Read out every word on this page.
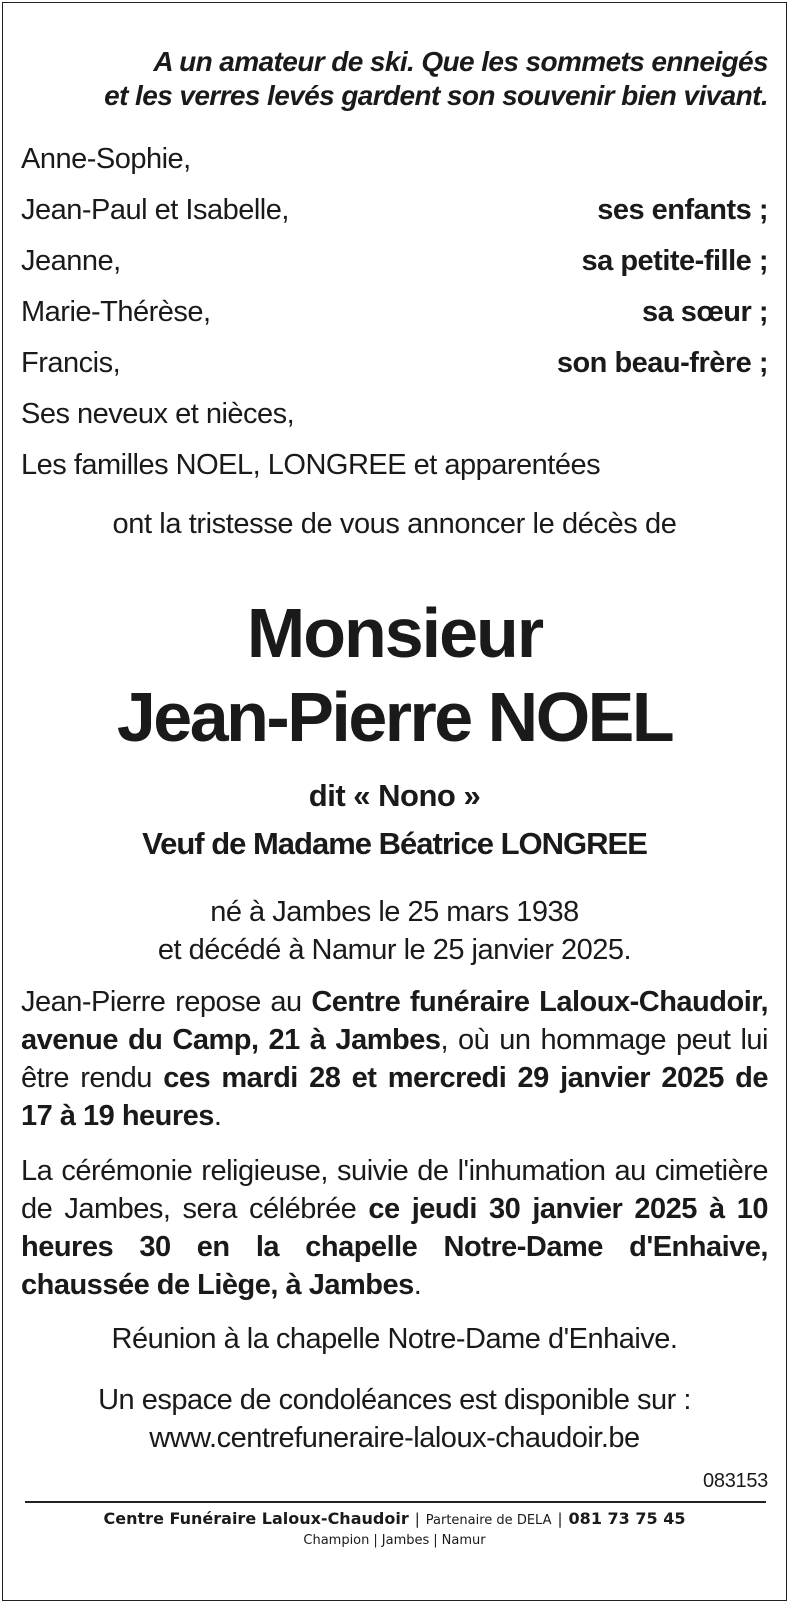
A un amateur de ski. Que les sommets enneigés
et les verres levés gardent son souvenir bien vivant.
Anne-Sophie,
Jean-Paul et Isabelle,	ses enfants ;
Jeanne,	sa petite-fille ;
Marie-Thérèse,	sa sœur ;
Francis,	son beau-frère ;
Ses neveux et nièces,
Les familles NOEL, LONGREE et apparentées
ont la tristesse de vous annoncer le décès de
Monsieur
Jean-Pierre NOEL
dit « Nono »
Veuf de Madame Béatrice LONGREE
né à Jambes le 25 mars 1938
et décédé à Namur le 25 janvier 2025.
Jean-Pierre repose au Centre funéraire Laloux-Chaudoir, avenue du Camp, 21 à Jambes, où un hommage peut lui être rendu ces mardi 28 et mercredi 29 janvier 2025 de 17 à 19 heures.
La cérémonie religieuse, suivie de l'inhumation au cimetière de Jambes, sera célébrée ce jeudi 30 janvier 2025 à 10 heures 30 en la chapelle Notre-Dame d'Enhaive, chaussée de Liège, à Jambes.
Réunion à la chapelle Notre-Dame d'Enhaive.
Un espace de condoléances est disponible sur :
www.centrefuneraire-laloux-chaudoir.be
083153
Centre Funéraire Laloux-Chaudoir | Partenaire de DELA | 081 73 75 45
Champion | Jambes | Namur
